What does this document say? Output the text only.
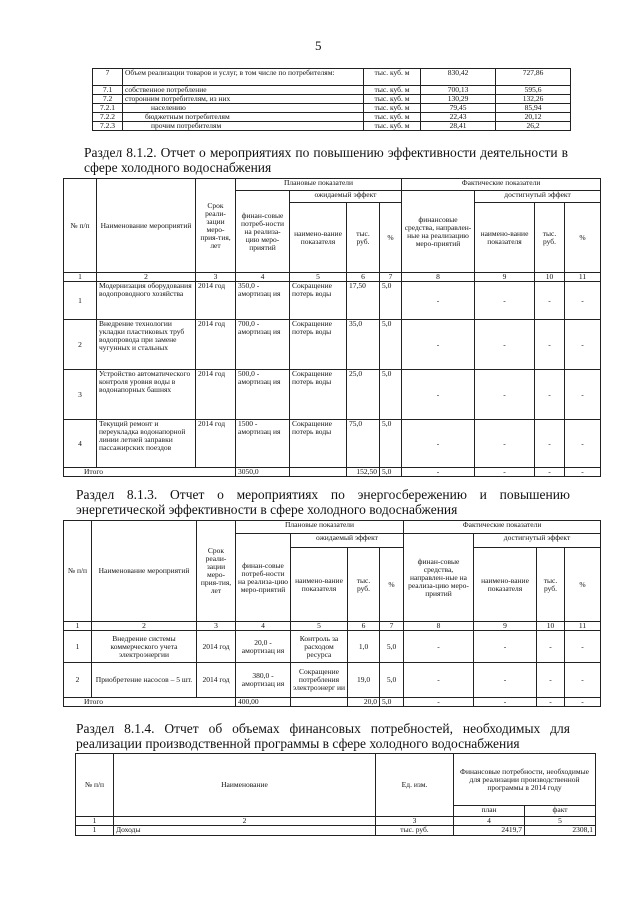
5
7	Объем реализации товаров и услуг, в том числе по потребителям:	тыс. куб. м	830,42	727,86
7.1	собственное потребление	тыс. куб. м	700,13	595,6
7.2	сторонним потребителям, из них	тыс. куб. м	130,29	132,26
7.2.1	населению	тыс. куб. м	79,45	85,94
7.2.2	бюджетным потребителям	тыс. куб. м	22,43	20,12
7.2.3	прочим потребителям	тыс. куб. м	28,41	26,2
Раздел 8.1.2. Отчет о мероприятиях по повышению эффективности деятельности в сфере холодного водоснабжения
№ п/п	Наименование мероприятий	Срок реали-зации меро-прия-тия, лет	Плановые показатели				Фактические показатели			
			финан-совые потреб-ности на реализа-цию меро-приятий	ожидаемый эффект			финансовые средства, направлен-ные на реализацию меро-приятий	достигнутый эффект		
				наимено-вание показателя	тыс. руб.	%		наимено-вание показателя	тыс. руб.	%
1	2	3	4	5	6	7	8	9	10	11
1	Модернизация оборудования водопроводного хозяйства	2014 год	350,0 - амортизац ия	Сокращение потерь воды	17,50	5,0	-	-	-	-
2	Внедрение технологии укладки пластиковых труб водопровода при замене чугунных и стальных	2014 год	700,0 - амортизац ия	Сокращение потерь воды	35,0	5,0	-	-	-	-
3	Устройство автоматического контроля уровня воды в водонапорных башнях	2014 год	500,0 - амортизац ия	Сокращение потерь воды	25,0	5,0	-	-	-	-
4	Текущий ремонт и переукладка водонапорной линии летней заправки пассажирских поездов	2014 год	1500 - амортизац ия	Сокращение потерь воды	75,0	5,0	-	-	-	-
Итого			3050,0		152,50	5,0	-	-	-	-
Раздел 8.1.3. Отчет о мероприятиях по энергосбережению и повышению энергетической эффективности в сфере холодного водоснабжения
№ п/п	Наименование мероприятий	Срок реали-зации меро-прия-тия, лет	Плановые показатели				Фактические показатели			
			финан-совые потреб-ности на реализа-цию меро-приятий	ожидаемый эффект			финан-совые средства, направлен-ные на реализа-цию меро-приятий	достигнутый эффект		
				наимено-вание показателя	тыс. руб.	%		наимено-вание показателя	тыс. руб.	%
1	2	3	4	5	6	7	8	9	10	11
1	Внедрение системы коммерческого учета электроэнергии	2014 год	20,0 - амортизац ия	Контроль за расходом ресурса	1,0	5,0	-	-	-	-
2	Приобретение насосов – 5 шт.	2014 год	380,0 - амортизац ия	Сокращение потребления электроэнерг ии	19,0	5,0	-	-	-	-
Итого			400,00		20,0	5,0	-	-	-	-
Раздел 8.1.4. Отчет об объемах финансовых потребностей, необходимых для реализации производственной программы в сфере холодного водоснабжения
№ п/п	Наименование	Ед. изм.	Финансовые потребности, необходимые для реализации производственной программы в 2014 году	
			план	факт
1	2	3	4	5
1	Доходы	тыс. руб.	2419,7	2308,1
